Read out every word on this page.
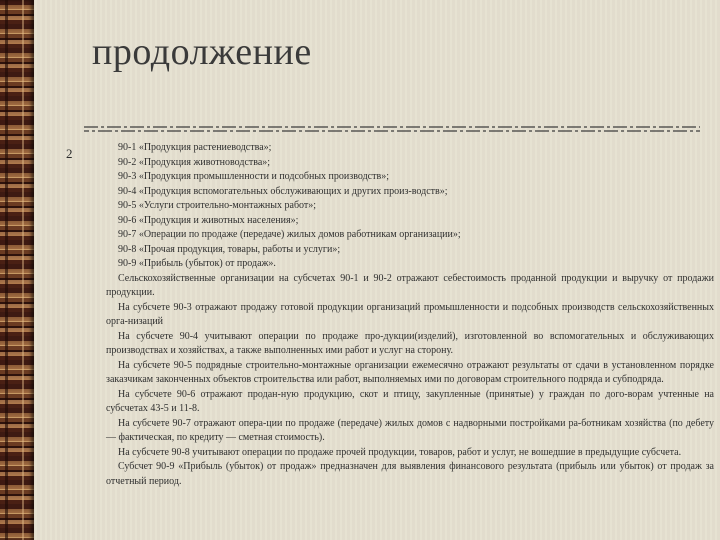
продолжение
2	90-1 «Продукция растениеводства»;
90-2 «Продукция животноводства»;
90-3 «Продукция промышленности и подсобных производств»;
90-4 «Продукция вспомогательных обслуживающих и других произ-водств»;
90-5 «Услуги строительно-монтажных работ»;
90-6 «Продукция и животных населения»;
90-7 «Операции по продаже (передаче) жилых домов работникам организации»;
90-8 «Прочая продукция, товары, работы и услуги»;
90-9 «Прибыль (убыток) от продаж».
Сельскохозяйственные организации на субсчетах 90-1 и 90-2 отражают себестоимость проданной продукции и выручку от продажи продукции.
На субсчете 90-3 отражают продажу готовой продукции организаций промышленности и подсобных производств сельскохозяйственных орга-низаций
На субсчете 90-4 учитывают операции по продаже про-дукции(изделий), изготовленной во вспомогательных и обслуживающих производствах и хозяйствах, а также выполненных ими работ и услуг на сторону.
На субсчете 90-5 подрядные строительно-монтажные организации ежемесячно отражают результаты от сдачи в установленном порядке заказчикам законченных объектов строительства или работ, выполняемых ими по договорам строительного подряда и субподряда.
На субсчете 90-6 отражают продан-ную продукцию, скот и птицу, закупленные (принятые) у граждан по дого-ворам учтенные на субсчетах 43-5 и 11-8.
На субсчете 90-7 отражают опера-ции по продаже (передаче) жилых домов с надворными постройками ра-ботникам хозяйства (по дебету — фактическая, по кредиту — сметная стоимость).
На субсчете 90-8 учитывают операции по продаже прочей продукции, товаров, работ и услуг, не вошедшие в предыдущие субсчета.
Субсчет 90-9 «Прибыль (убыток) от продаж» предназначен для выявления финансового результата (прибыль или убыток) от продаж за отчетный период.
